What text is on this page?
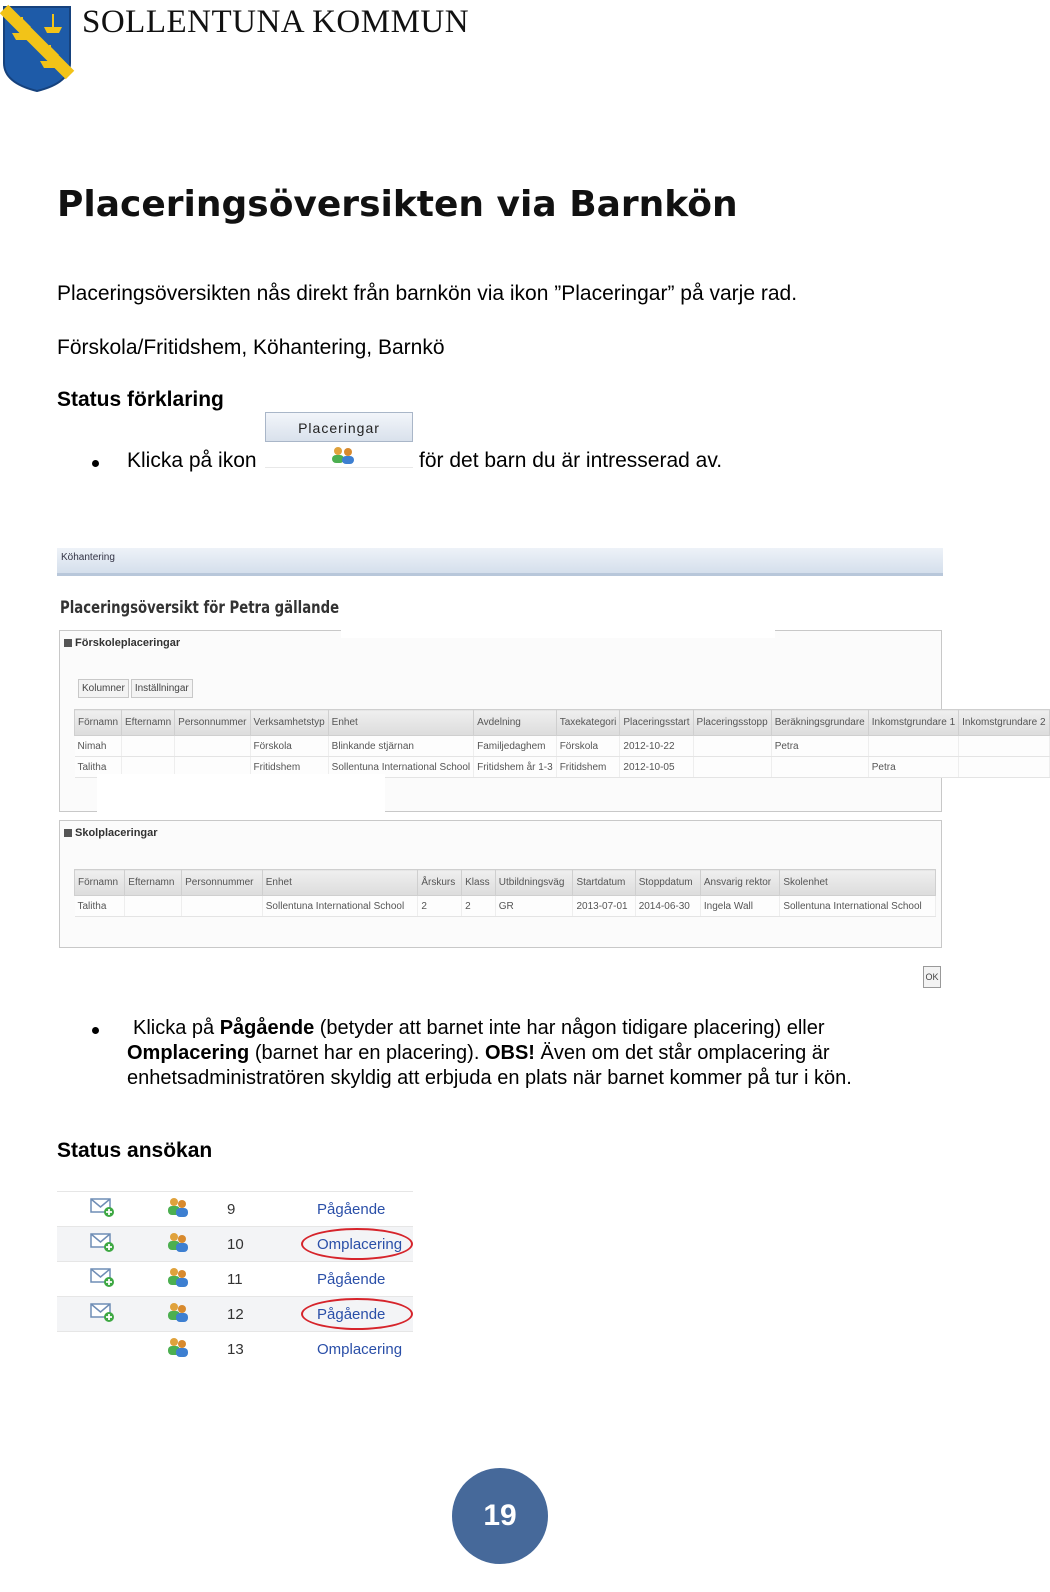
SOLLENTUNA KOMMUN
Placeringsöversikten via Barnkön
Placeringsöversikten nås direkt från barnkön via ikon ”Placeringar” på varje rad.
Förskola/Fritidshem, Köhantering, Barnkö
Status förklaring
Klicka på ikon
Placeringar
för det barn du är intresserad av.
Köhantering
Placeringsöversikt för Petra gällande
Förskoleplaceringar
Kolumner	Inställningar
Förnamn	Efternamn	Personnummer	Verksamhetstyp	Enhet	Avdelning	Taxekategori	Placeringsstart	Placeringsstopp	Beräkningsgrundare	Inkomstgrundare 1	Inkomstgrundare 2
Nimah			Förskola	Blinkande stjärnan	Familjedaghem	Förskola	2012-10-22		Petra		
Talitha			Fritidshem	Sollentuna International School	Fritidshem år 1-3	Fritidshem	2012-10-05			Petra	
Skolplaceringar
Förnamn	Efternamn	Personnummer	Enhet	Årskurs	Klass	Utbildningsväg	Startdatum	Stoppdatum	Ansvarig rektor	Skolenhet
Talitha			Sollentuna International School	2	2	GR	2013-07-01	2014-06-30	Ingela Wall	Sollentuna International School
OK
Klicka på Pågående (betyder att barnet inte har någon tidigare placering) eller
Omplacering (barnet har en placering). OBS! Även om det står omplacering är
enhetsadministratören skyldig att erbjuda en plats när barnet kommer på tur i kön.
Status ansökan
		9	Pågående
		10	Omplacering

		11	Pågående
		12	Pågående

		13	Omplacering
19
